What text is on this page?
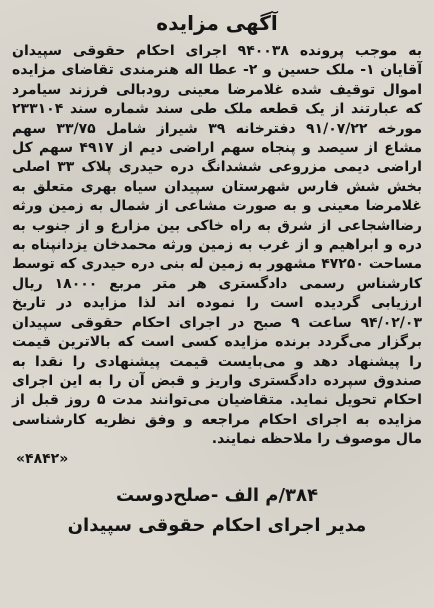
آگهی مزایده

به موجب پرونده ۹۴۰۰۳۸ اجرای احکام حقوقی سپیدان آقایان ۱- ملک حسین و ۲- عطا اله هنرمندی تقاضای مزایده اموال توقیف شده غلامرضا معینی رودبالی فرزند سیامرد که عبارتند از یک قطعه ملک طی سند شماره سند ۲۳۳۱۰۴ مورخه ۹۱/۰۷/۲۲ دفترخانه ۳۹ شیراز شامل ۳۳/۷۵ سهم مشاع از سیصد و پنجاه سهم اراضی دیم از ۴۹۱۷ سهم کل اراضی دیمی مزروعی ششدانگ دره حیدری پلاک ۳۳ اصلی بخش شش فارس شهرستان سپیدان سیاه بهری متعلق به غلامرضا معینی و به صورت مشاعی از شمال به زمین ورثه رضااشجاعی از شرق به راه خاکی بین مزارع و از جنوب به دره و ابراهیم و از غرب به زمین ورثه محمدخان یزدانپناه به مساحت ۴۷۲۵۰ مشهور به زمین له بنی دره حیدری که توسط کارشناس رسمی دادگستری هر متر مربع ۱۸۰۰۰ ریال ارزیابی گردیده است را نموده اند لذا مزایده در تاریخ ۹۴/۰۲/۰۳ ساعت ۹ صبح در اجرای احکام حقوقی سپیدان برگزار می‌گردد برنده مزایده کسی است که بالاترین قیمت را پیشنهاد دهد و می‌بایست قیمت پیشنهادی را نقدا به صندوق سپرده دادگستری واریز و قبض آن را به این اجرای احکام تحویل نماید. متقاضیان می‌توانند مدت ۵ روز قبل از مزایده به اجرای احکام مراجعه و وفق نظریه کارشناسی مال موصوف را ملاحظه نمایند.

«۴۸۴۲»

۳۸۴/م الف -صلح‌دوست

مدیر اجرای احکام حقوقی سپیدان
